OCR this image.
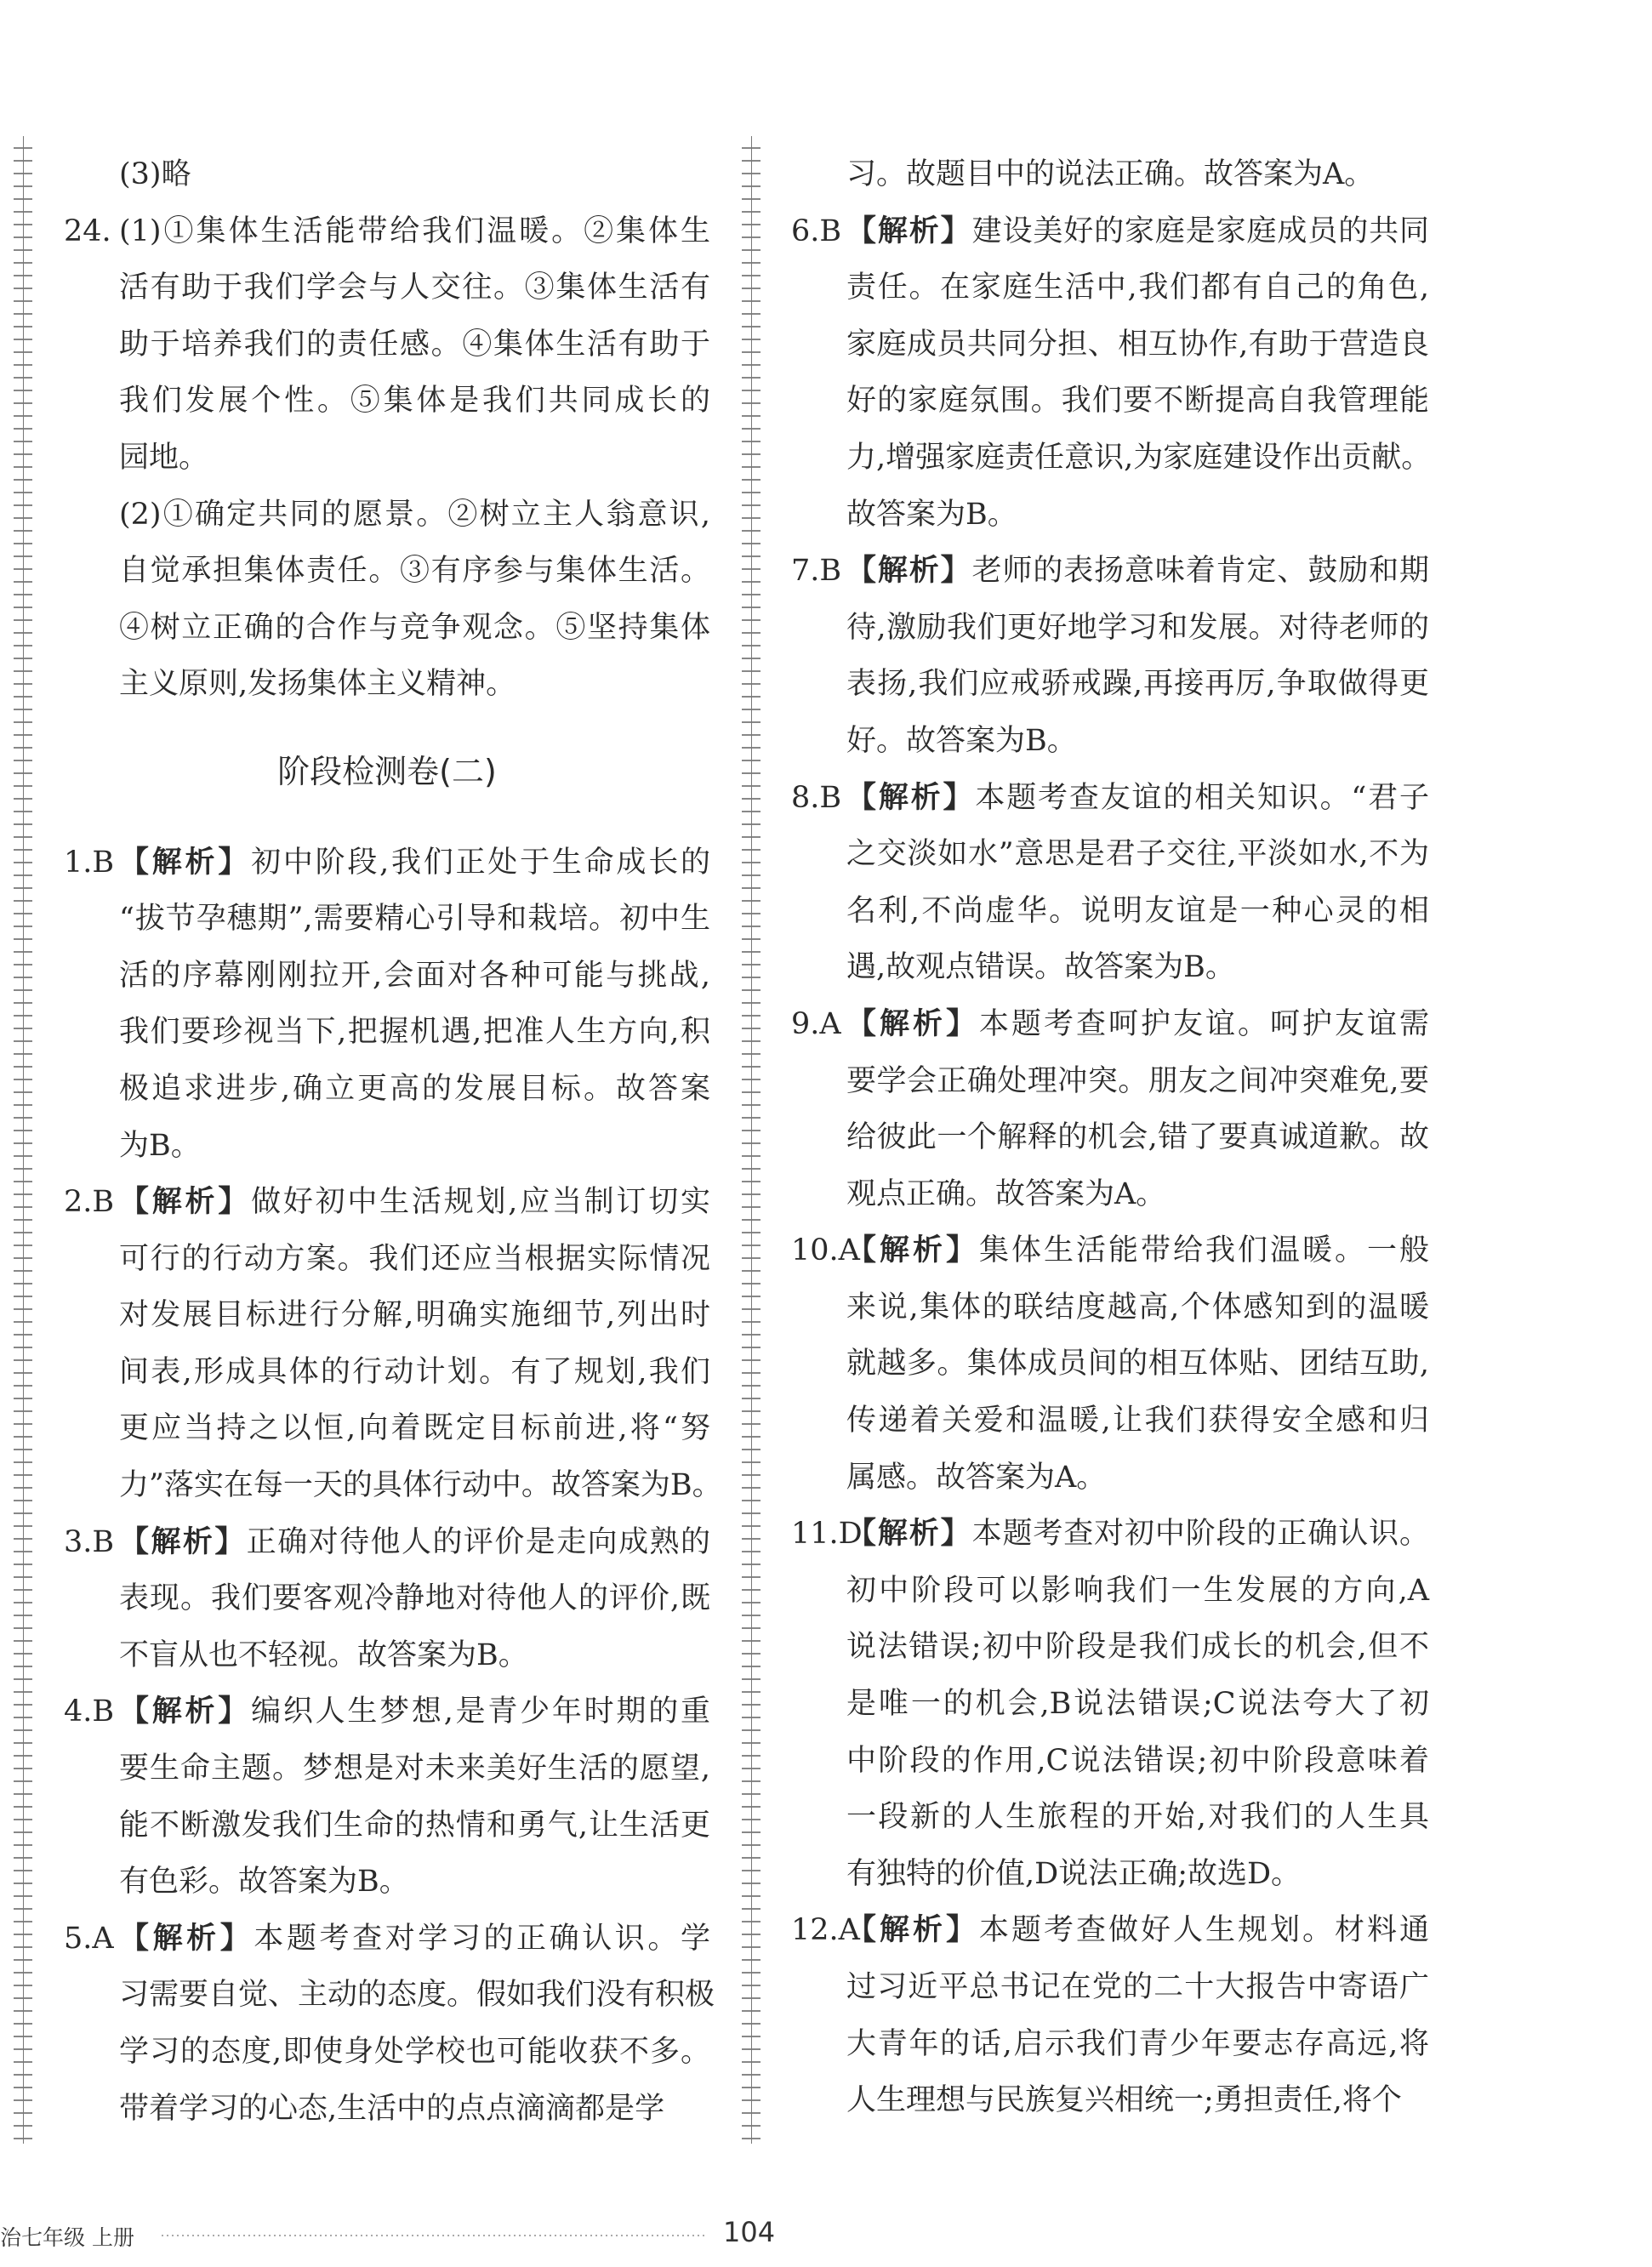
(3)略
24. (1)①集体生活能带给我们温暖。②集体生
活有助于我们学会与人交往。③集体生活有
助于培养我们的责任感。④集体生活有助于
我们发展个性。⑤集体是我们共同成长的
园地。
(2)①确定共同的愿景。②树立主人翁意识,
自觉承担集体责任。③有序参与集体生活。
④树立正确的合作与竞争观念。⑤坚持集体
主义原则,发扬集体主义精神。
阶段检测卷(二)
1.B 【解析】初中阶段,我们正处于生命成长的
“拔节孕穗期”,需要精心引导和栽培。初中生
活的序幕刚刚拉开,会面对各种可能与挑战,
我们要珍视当下,把握机遇,把准人生方向,积
极追求进步,确立更高的发展目标。故答案
为B。
2.B 【解析】做好初中生活规划,应当制订切实
可行的行动方案。我们还应当根据实际情况
对发展目标进行分解,明确实施细节,列出时
间表,形成具体的行动计划。有了规划,我们
更应当持之以恒,向着既定目标前进,将“努
力”落实在每一天的具体行动中。故答案为B。
3.B 【解析】正确对待他人的评价是走向成熟的
表现。我们要客观冷静地对待他人的评价,既
不盲从也不轻视。故答案为B。
4.B 【解析】编织人生梦想,是青少年时期的重
要生命主题。梦想是对未来美好生活的愿望,
能不断激发我们生命的热情和勇气,让生活更
有色彩。故答案为B。
5.A 【解析】本题考查对学习的正确认识。学
习需要自觉、主动的态度。假如我们没有积极
学习的态度,即使身处学校也可能收获不多。
带着学习的心态,生活中的点点滴滴都是学
习。故题目中的说法正确。故答案为A。
6.B 【解析】建设美好的家庭是家庭成员的共同
责任。在家庭生活中,我们都有自己的角色,
家庭成员共同分担、相互协作,有助于营造良
好的家庭氛围。我们要不断提高自我管理能
力,增强家庭责任意识,为家庭建设作出贡献。
故答案为B。
7.B 【解析】老师的表扬意味着肯定、鼓励和期
待,激励我们更好地学习和发展。对待老师的
表扬,我们应戒骄戒躁,再接再厉,争取做得更
好。故答案为B。
8.B 【解析】本题考查友谊的相关知识。“君子
之交淡如水”意思是君子交往,平淡如水,不为
名利,不尚虚华。说明友谊是一种心灵的相
遇,故观点错误。故答案为B。
9.A 【解析】本题考查呵护友谊。呵护友谊需
要学会正确处理冲突。朋友之间冲突难免,要
给彼此一个解释的机会,错了要真诚道歉。故
观点正确。故答案为A。
10.A
【解析】集体生活能带给我们温暖。一般
来说,集体的联结度越高,个体感知到的温暖
就越多。集体成员间的相互体贴、团结互助,
传递着关爱和温暖,让我们获得安全感和归
属感。故答案为A。
11.D
【解析】本题考查对初中阶段的正确认识。
初中阶段可以影响我们一生发展的方向,A
说法错误;初中阶段是我们成长的机会,但不
是唯一的机会,B说法错误;C说法夸大了初
中阶段的作用,C说法错误;初中阶段意味着
一段新的人生旅程的开始,对我们的人生具
有独特的价值,D说法正确;故选D。
12.A
【解析】本题考查做好人生规划。材料通
过习近平总书记在党的二十大报告中寄语广
大青年的话,启示我们青少年要志存高远,将
人生理想与民族复兴相统一;勇担责任,将个
治七年级 上册	104
